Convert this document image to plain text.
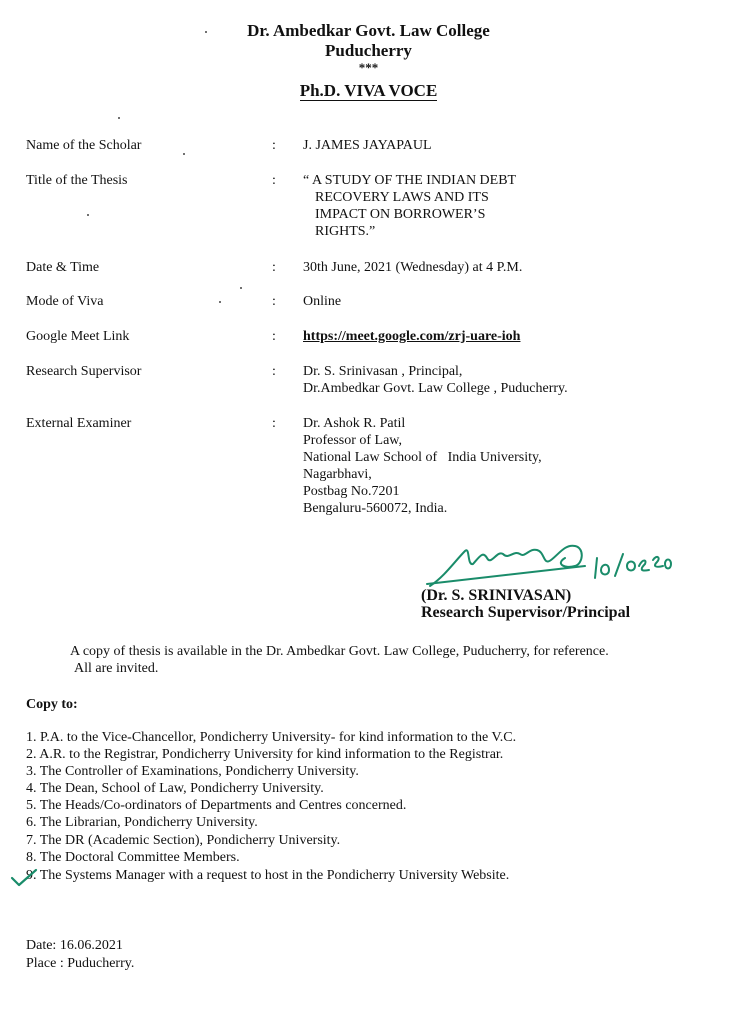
Dr. Ambedkar Govt. Law College
Puducherry
***
Ph.D. VIVA VOCE
Name of the Scholar	: J. JAMES JAYAPAUL
Title of the Thesis	: “ A STUDY OF THE INDIAN DEBT
RECOVERY LAWS AND ITS
IMPACT ON BORROWER’S
RIGHTS.”
Date & Time	: 30th June, 2021 (Wednesday) at 4 P.M.
Mode of Viva	: Online
Google Meet Link	: https://meet.google.com/zrj-uare-ioh
Research Supervisor	: Dr. S. Srinivasan , Principal,
Dr.Ambedkar Govt. Law College , Puducherry.
External Examiner	: Dr. Ashok R. Patil
Professor of Law,
National Law School of   India University,
Nagarbhavi,
Postbag No.7201
Bengaluru-560072, India.
(Dr. S. SRINIVASAN)
Research Supervisor/Principal
A copy of thesis is available in the Dr. Ambedkar Govt. Law College, Puducherry, for reference.
All are invited.
Copy to:
1. P.A. to the Vice-Chancellor, Pondicherry University- for kind information to the V.C.
2. A.R. to the Registrar, Pondicherry University for kind information to the Registrar.
3. The Controller of Examinations, Pondicherry University.
4. The Dean, School of Law, Pondicherry University.
5. The Heads/Co-ordinators of Departments and Centres concerned.
6. The Librarian, Pondicherry University.
7. The DR (Academic Section), Pondicherry University.
8. The Doctoral Committee Members.
9. The Systems Manager with a request to host in the Pondicherry University Website.
Date: 16.06.2021
Place : Puducherry.
